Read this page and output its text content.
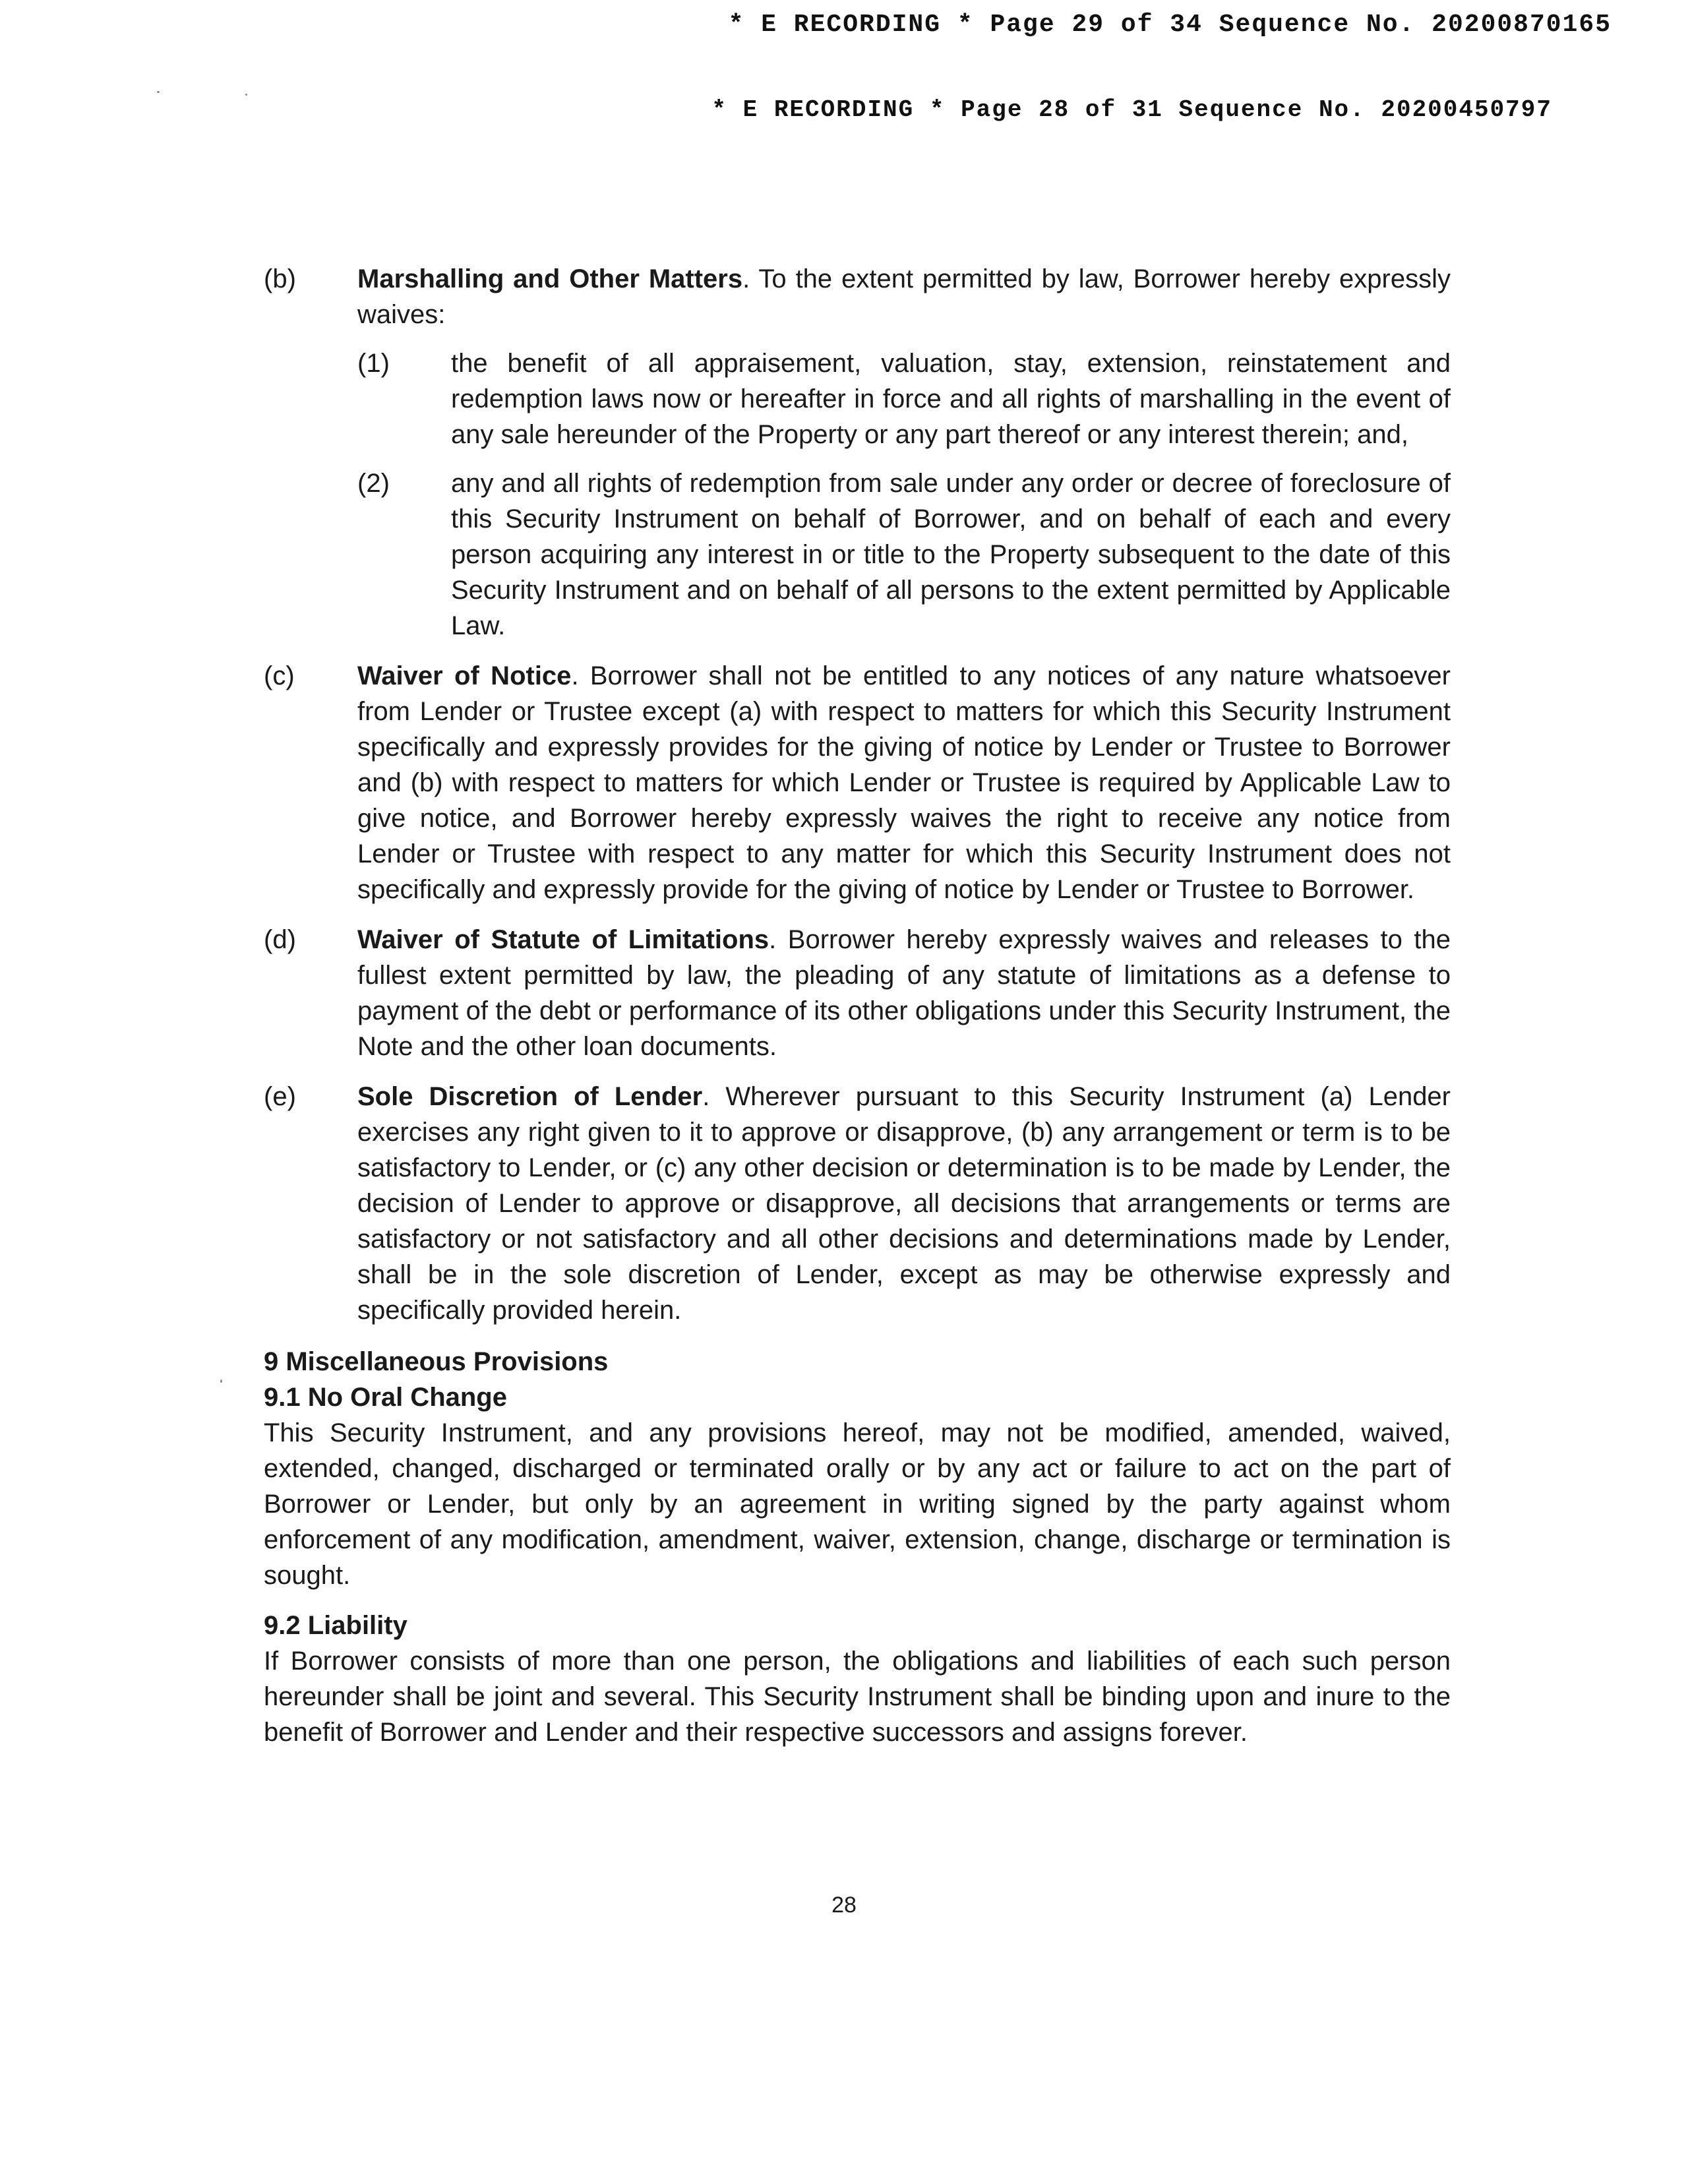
* E RECORDING * Page 29 of 34 Sequence No. 20200870165
* E RECORDING * Page 28 of 31 Sequence No. 20200450797
(b) Marshalling and Other Matters. To the extent permitted by law, Borrower hereby expressly waives:
(1) the benefit of all appraisement, valuation, stay, extension, reinstatement and redemption laws now or hereafter in force and all rights of marshalling in the event of any sale hereunder of the Property or any part thereof or any interest therein; and,
(2) any and all rights of redemption from sale under any order or decree of foreclosure of this Security Instrument on behalf of Borrower, and on behalf of each and every person acquiring any interest in or title to the Property subsequent to the date of this Security Instrument and on behalf of all persons to the extent permitted by Applicable Law.
(c) Waiver of Notice. Borrower shall not be entitled to any notices of any nature whatsoever from Lender or Trustee except (a) with respect to matters for which this Security Instrument specifically and expressly provides for the giving of notice by Lender or Trustee to Borrower and (b) with respect to matters for which Lender or Trustee is required by Applicable Law to give notice, and Borrower hereby expressly waives the right to receive any notice from Lender or Trustee with respect to any matter for which this Security Instrument does not specifically and expressly provide for the giving of notice by Lender or Trustee to Borrower.
(d) Waiver of Statute of Limitations. Borrower hereby expressly waives and releases to the fullest extent permitted by law, the pleading of any statute of limitations as a defense to payment of the debt or performance of its other obligations under this Security Instrument, the Note and the other loan documents.
(e) Sole Discretion of Lender. Wherever pursuant to this Security Instrument (a) Lender exercises any right given to it to approve or disapprove, (b) any arrangement or term is to be satisfactory to Lender, or (c) any other decision or determination is to be made by Lender, the decision of Lender to approve or disapprove, all decisions that arrangements or terms are satisfactory or not satisfactory and all other decisions and determinations made by Lender, shall be in the sole discretion of Lender, except as may be otherwise expressly and specifically provided herein.

9 Miscellaneous Provisions

9.1 No Oral Change

This Security Instrument, and any provisions hereof, may not be modified, amended, waived, extended, changed, discharged or terminated orally or by any act or failure to act on the part of Borrower or Lender, but only by an agreement in writing signed by the party against whom enforcement of any modification, amendment, waiver, extension, change, discharge or termination is sought.

9.2 Liability

If Borrower consists of more than one person, the obligations and liabilities of each such person hereunder shall be joint and several. This Security Instrument shall be binding upon and inure to the benefit of Borrower and Lender and their respective successors and assigns forever.

28
